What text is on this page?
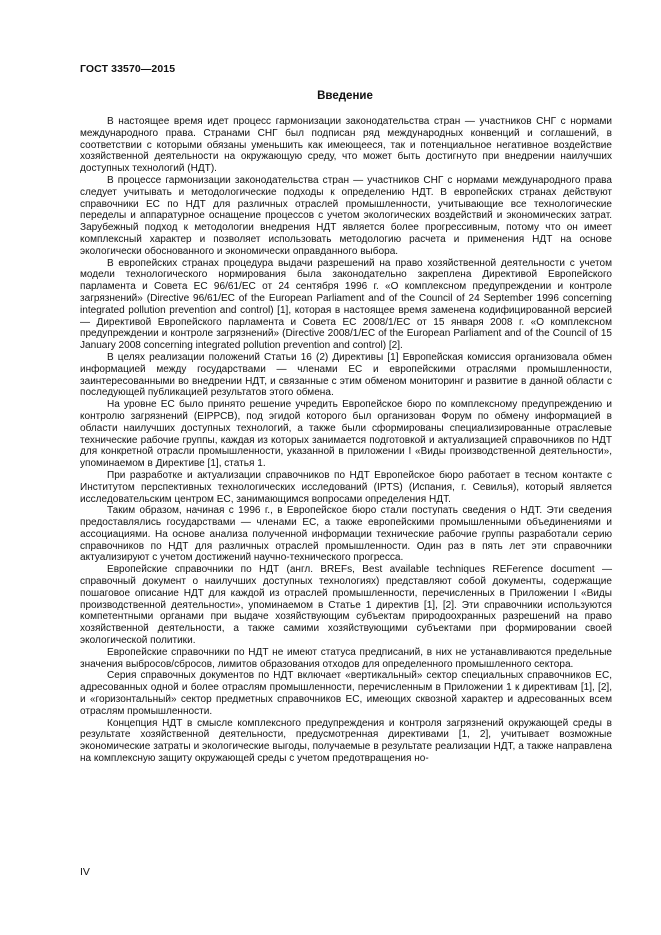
ГОСТ 33570—2015
Введение

В настоящее время идет процесс гармонизации законодательства стран — участников СНГ с нормами международного права. Странами СНГ был подписан ряд международных конвенций и соглашений, в соответствии с которыми обязаны уменьшить как имеющееся, так и потенциальное негативное воздействие хозяйственной деятельности на окружающую среду, что может быть достигнуто при внедрении наилучших доступных технологий (НДТ).

В процессе гармонизации законодательства стран — участников СНГ с нормами международного права следует учитывать и методологические подходы к определению НДТ. В европейских странах действуют справочники ЕС по НДТ для различных отраслей промышленности, учитывающие все технологические переделы и аппаратурное оснащение процессов с учетом экологических воздействий и экономических затрат. Зарубежный подход к методологии внедрения НДТ является более прогрессивным, потому что он имеет комплексный характер и позволяет использовать методологию расчета и применения НДТ на основе экологически обоснованного и экономически оправданного выбора.

В европейских странах процедура выдачи разрешений на право хозяйственной деятельности с учетом модели технологического нормирования была законодательно закреплена Директивой Европейского парламента и Совета ЕС 96/61/ЕС от 24 сентября 1996 г. «О комплексном предупреждении и контроле загрязнений» (Directive 96/61/EC of the European Parliament and of the Council of 24 September 1996 concerning integrated pollution prevention and control) [1], которая в настоящее время заменена кодифицированной версией — Директивой Европейского парламента и Совета ЕС 2008/1/ЕС от 15 января 2008 г. «О комплексном предупреждении и контроле загрязнений» (Directive 2008/1/EC of the European Parliament and of the Council of 15 January 2008 concerning integrated pollution prevention and control) [2].

В целях реализации положений Статьи 16 (2) Директивы [1] Европейская комиссия организовала обмен информацией между государствами — членами ЕС и европейскими отраслями промышленности, заинтересованными во внедрении НДТ, и связанные с этим обменом мониторинг и развитие в данной области с последующей публикацией результатов этого обмена.

На уровне ЕС было принято решение учредить Европейское бюро по комплексному предупреждению и контролю загрязнений (EIPPCB), под эгидой которого был организован Форум по обмену информацией в области наилучших доступных технологий, а также были сформированы специализированные отраслевые технические рабочие группы, каждая из которых занимается подготовкой и актуализацией справочников по НДТ для конкретной отрасли промышленности, указанной в приложении I «Виды производственной деятельности», упоминаемом в Директиве [1], статья 1.

При разработке и актуализации справочников по НДТ Европейское бюро работает в тесном контакте с Институтом перспективных технологических исследований (IPTS) (Испания, г. Севилья), который является исследовательским центром ЕС, занимающимся вопросами определения НДТ.

Таким образом, начиная с 1996 г., в Европейское бюро стали поступать сведения о НДТ. Эти сведения предоставлялись государствами — членами ЕС, а также европейскими промышленными объединениями и ассоциациями. На основе анализа полученной информации технические рабочие группы разработали серию справочников по НДТ для различных отраслей промышленности. Один раз в пять лет эти справочники актуализируют с учетом достижений научно-технического прогресса.

Европейские справочники по НДТ (англ. BREFs, Best available techniques REFerence document — справочный документ о наилучших доступных технологиях) представляют собой документы, содержащие пошаговое описание НДТ для каждой из отраслей промышленности, перечисленных в Приложении I «Виды производственной деятельности», упоминаемом в Статье 1 директив [1], [2]. Эти справочники используются компетентными органами при выдаче хозяйствующим субъектам природоохранных разрешений на право хозяйственной деятельности, а также самими хозяйствующими субъектами при формировании своей экологической политики.

Европейские справочники по НДТ не имеют статуса предписаний, в них не устанавливаются предельные значения выбросов/сбросов, лимитов образования отходов для определенного промышленного сектора.

Серия справочных документов по НДТ включает «вертикальный» сектор специальных справочников ЕС, адресованных одной и более отраслям промышленности, перечисленным в Приложении 1 к директивам [1], [2], и «горизонтальный» сектор предметных справочников ЕС, имеющих сквозной характер и адресованных всем отраслям промышленности.

Концепция НДТ в смысле комплексного предупреждения и контроля загрязнений окружающей среды в результате хозяйственной деятельности, предусмотренная директивами [1, 2], учитывает возможные экономические затраты и экологические выгоды, получаемые в результате реализации НДТ, а также направлена на комплексную защиту окружающей среды с учетом предотвращения но-

IV
